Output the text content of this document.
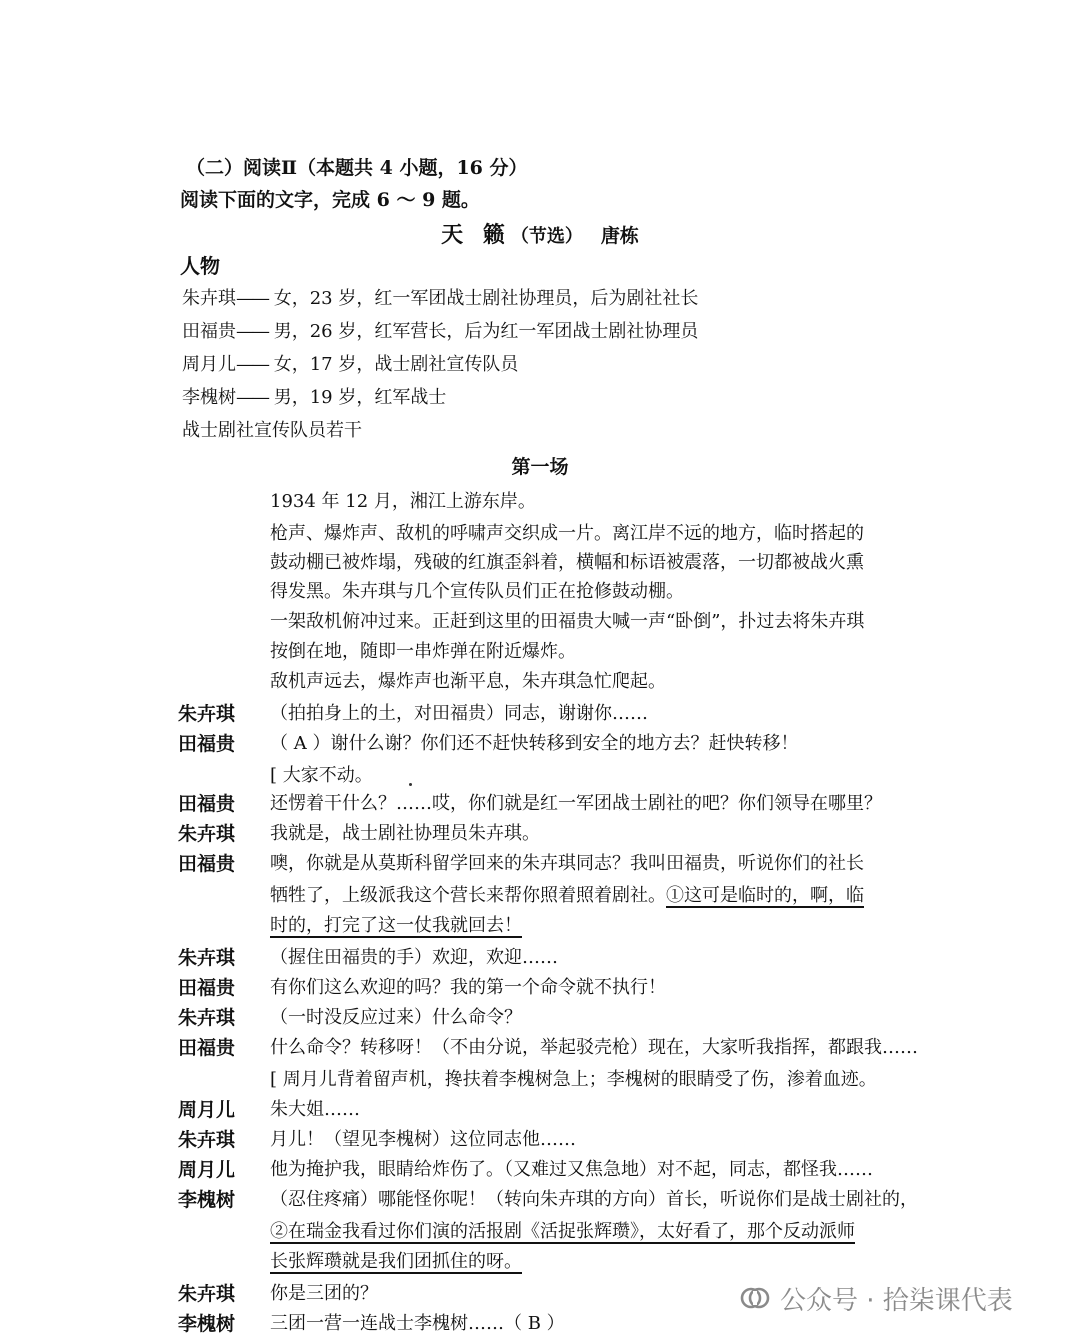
（二）阅读Ⅱ（本题共 4 小题，16 分）
阅读下面的文字，完成 6 ～ 9 题。
天 籁（节选） 唐栋
人物
朱卉琪—— 女，23 岁，红一军团战士剧社协理员，后为剧社社长
田福贵—— 男，26 岁，红军营长，后为红一军团战士剧社协理员
周月儿—— 女，17 岁，战士剧社宣传队员
李槐树—— 男，19 岁，红军战士
战士剧社宣传队员若干
第一场
1934 年 12 月，湘江上游东岸。
枪声、爆炸声、敌机的呼啸声交织成一片。离江岸不远的地方，临时搭起的
鼓动棚已被炸塌，残破的红旗歪斜着，横幅和标语被震落，一切都被战火熏
得发黑。朱卉琪与几个宣传队员们正在抢修鼓动棚。
一架敌机俯冲过来。正赶到这里的田福贵大喊一声“卧倒”，扑过去将朱卉琪
按倒在地，随即一串炸弹在附近爆炸。
敌机声远去，爆炸声也渐平息，朱卉琪急忙爬起。
朱卉琪 （拍拍身上的土，对田福贵）同志，谢谢你……
田福贵 （ A ）谢什么谢？你们还不赶快转移到安全的地方去？赶快转移！
[ 大家不动。
田福贵 还愣着干什么？……哎，你们就是红一军团战士剧社的吧？你们领导在哪里？
朱卉琪 我就是，战士剧社协理员朱卉琪。
田福贵 噢，你就是从莫斯科留学回来的朱卉琪同志？我叫田福贵，听说你们的社长
牺牲了，上级派我这个营长来帮你照着照着剧社。①这可是临时的，啊，临
时的，打完了这一仗我就回去！
朱卉琪 （握住田福贵的手）欢迎，欢迎……
田福贵 有你们这么欢迎的吗？我的第一个命令就不执行！
朱卉琪 （一时没反应过来）什么命令？
田福贵 什么命令？转移呀！（不由分说，举起驳壳枪）现在，大家听我指挥，都跟我……
[ 周月儿背着留声机，搀扶着李槐树急上；李槐树的眼睛受了伤，渗着血迹。
周月儿 朱大姐……
朱卉琪 月儿！（望见李槐树）这位同志他……
周月儿 他为掩护我，眼睛给炸伤了。（又难过又焦急地）对不起，同志，都怪我……
李槐树 （忍住疼痛）哪能怪你呢！（转向朱卉琪的方向）首长，听说你们是战士剧社的，
②在瑞金我看过你们演的活报剧《活捉张辉瓒》，太好看了，那个反动派师
长张辉瓒就是我们团抓住的呀。
朱卉琪 你是三团的？
李槐树 三团一营一连战士李槐树……（ B ）
公众号 · 拾柒课代表
